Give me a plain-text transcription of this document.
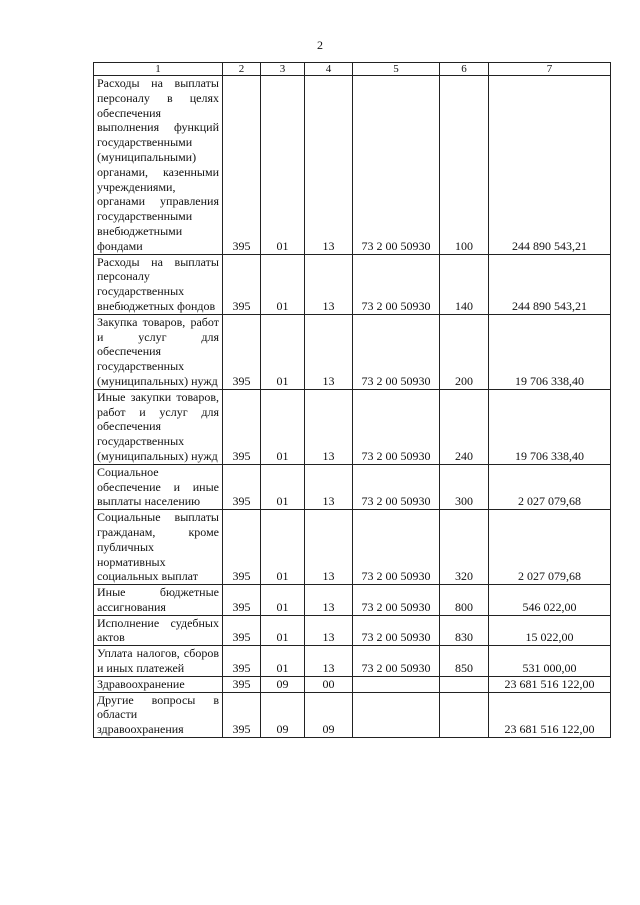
2
1	2	3	4	5	6	7
Расходы на выплаты персоналу в целях обеспечения выполнения функций государственными (муниципальными) органами, казенными учреждениями, органами управления государственными внебюджетными фондами	395	01	13	73 2 00 50930	100	244 890 543,21
Расходы на выплаты персоналу государственных внебюджетных фондов	395	01	13	73 2 00 50930	140	244 890 543,21
Закупка товаров, работ и услуг для обеспечения государственных (муниципальных) нужд	395	01	13	73 2 00 50930	200	19 706 338,40
Иные закупки товаров, работ и услуг для обеспечения государственных (муниципальных) нужд	395	01	13	73 2 00 50930	240	19 706 338,40
Социальное обеспечение и иные выплаты населению	395	01	13	73 2 00 50930	300	2 027 079,68
Социальные выплаты гражданам, кроме публичных нормативных социальных выплат	395	01	13	73 2 00 50930	320	2 027 079,68
Иные бюджетные ассигнования	395	01	13	73 2 00 50930	800	546 022,00
Исполнение судебных актов	395	01	13	73 2 00 50930	830	15 022,00
Уплата налогов, сборов и иных платежей	395	01	13	73 2 00 50930	850	531 000,00
Здравоохранение	395	09	00			23 681 516 122,00
Другие вопросы в области здравоохранения	395	09	09			23 681 516 122,00
